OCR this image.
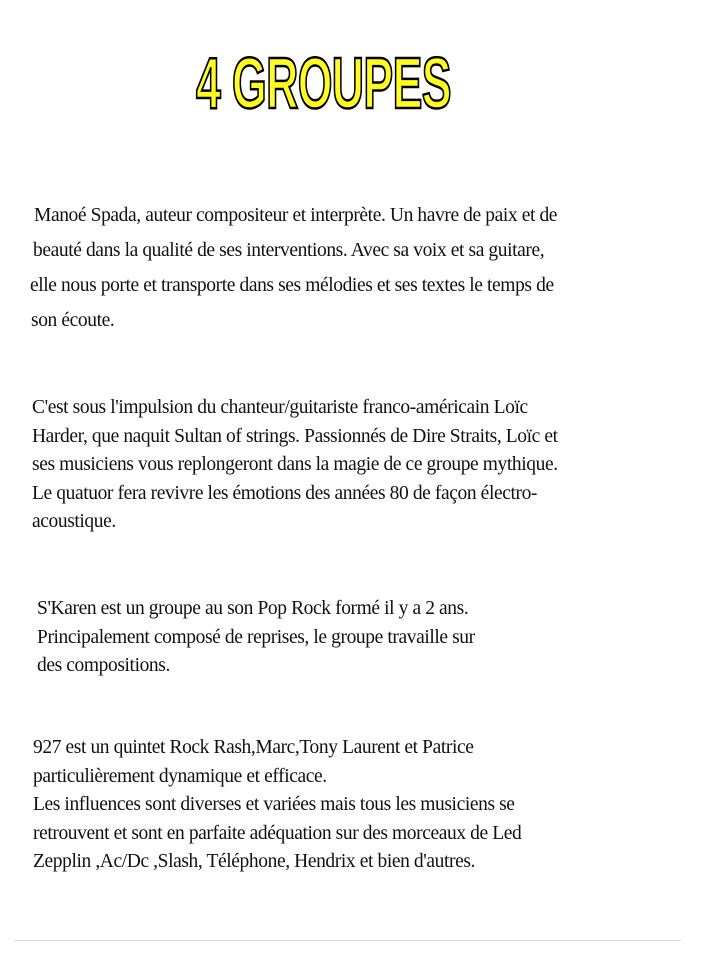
4 GROUPES
Manoé Spada, auteur compositeur et interprète. Un havre de paix et de
beauté dans la qualité de ses interventions. Avec sa voix et sa guitare,
elle nous porte et transporte dans ses mélodies et ses textes le temps de
son écoute.
C'est sous l'impulsion du chanteur/guitariste franco-américain Loïc
Harder, que naquit Sultan of strings. Passionnés de Dire Straits, Loïc et
ses musiciens vous replongeront dans la magie de ce groupe mythique.
Le quatuor fera revivre les émotions des années 80 de façon électro-
acoustique.
S'Karen est un groupe au son Pop Rock formé il y a 2 ans.
Principalement composé de reprises, le groupe travaille sur
des compositions.
927 est un quintet Rock Rash,Marc,Tony Laurent et Patrice
particulièrement dynamique et efficace.
Les influences sont diverses et variées mais tous les musiciens se
retrouvent et sont en parfaite adéquation sur des morceaux de Led
Zepplin ,Ac/Dc ,Slash, Téléphone, Hendrix et bien d'autres.
